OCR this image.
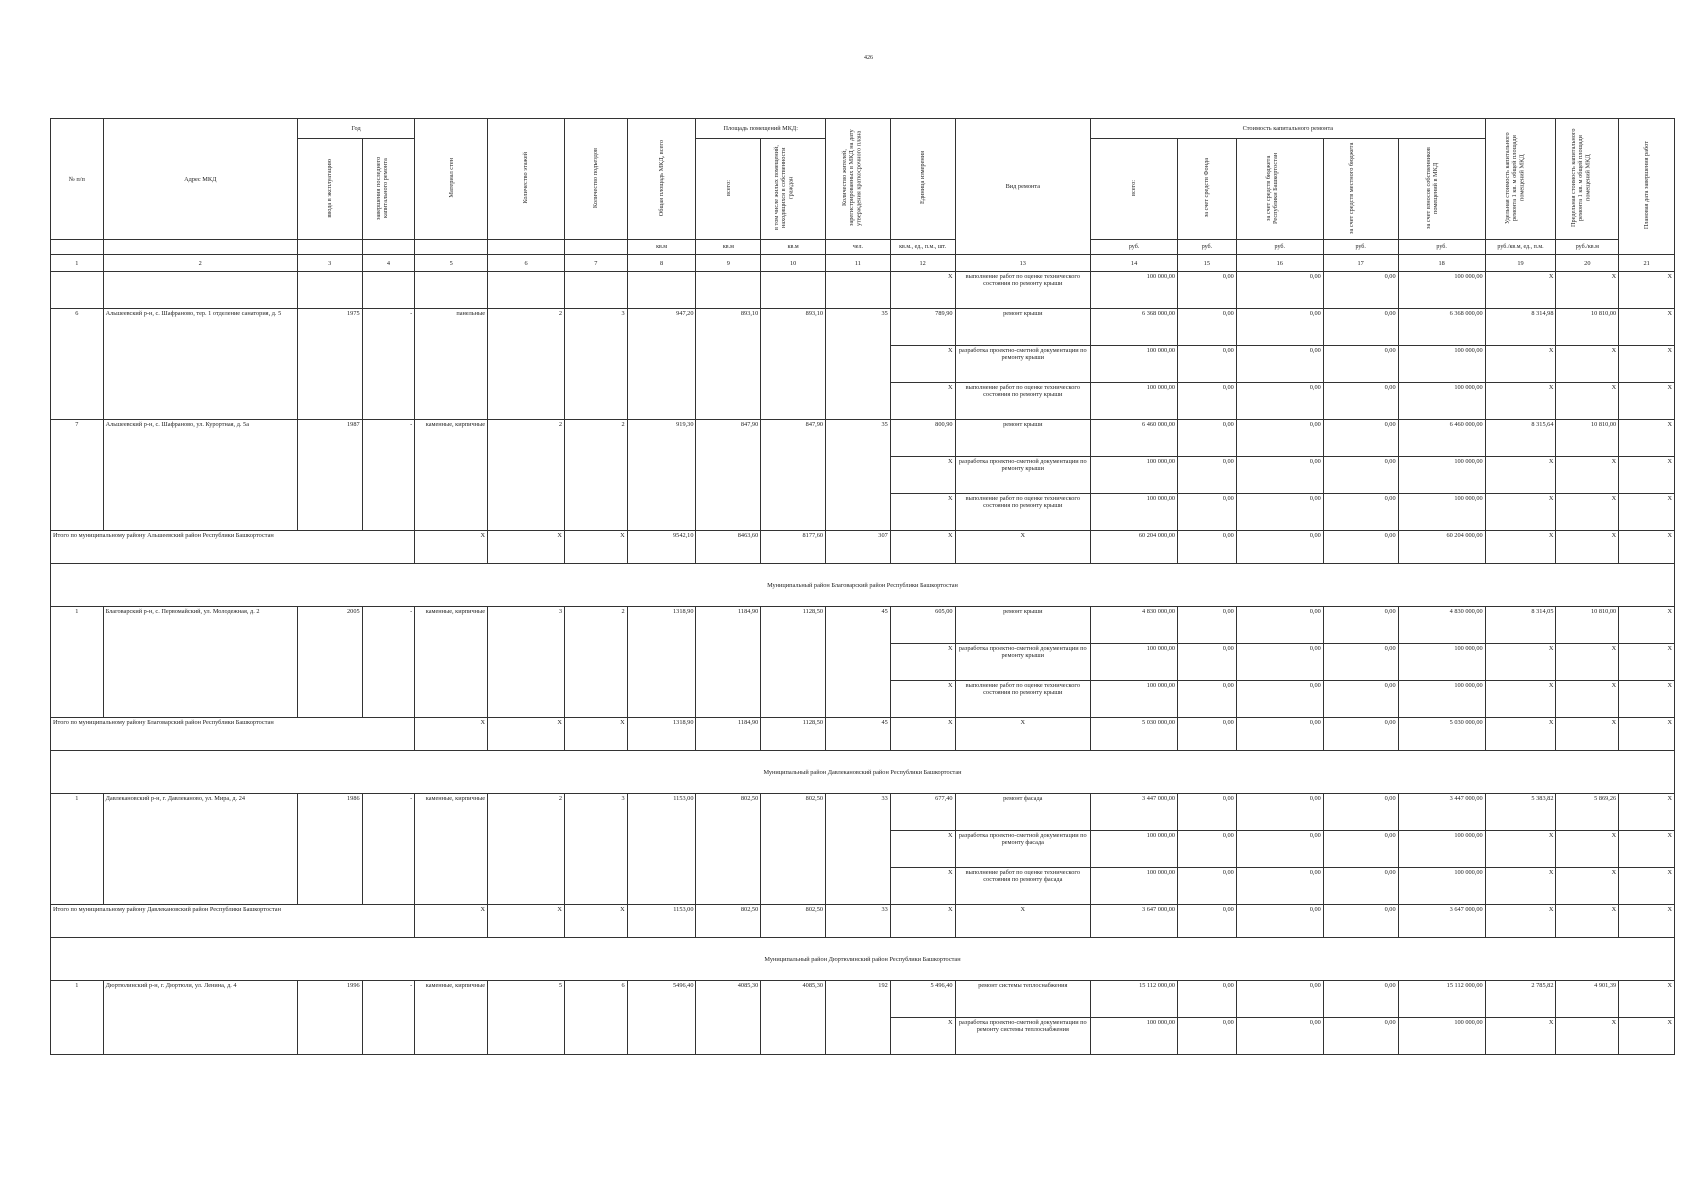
426
№ п/п	Адрес МКД	Год		Материал стен	Количество этажей	Количество подъездов	Общая площадь МКД, всего	Площадь помещений МКД:		Количество жителей, зарегистрированных в МКД на дату утверждения краткосрочного плана	Единица измерения	Вид ремонта	Стоимость капитального ремонта					Удельная стоимость капитального ремонта 1 кв. м общей площади помещений МКД	Предельная стоимость капитального ремонта 1 кв. м общей площади помещений МКД	Плановая дата завершения работ
		ввода в эксплуатацию	завершения последнего капитального ремонта					всего:	в том числе жилых помещений, находящихся в собственности граждан				всего:	за счет средств Фонда	за счет средств бюджета Республики Башкортостан	за счет средств местного бюджета	за счет взносов собственников помещений в МКД			
							кв.м	кв.м	кв.м	чел.	кв.м., ед., п.м., шт.		руб.	руб.	руб.	руб.	руб.	руб./кв.м, ед., п.м.	руб./кв.м	
1	2	3	4	5	6	7	8	9	10	11	12	13	14	15	16	17	18	19	20	21
											X	выполнение работ по оценке технического состояния по ремонту крыши	100 000,00	0,00	0,00	0,00	100 000,00	X	X	X
6	Альшеевский р-н, с. Шафраново, тер. 1 отделение санатория, д. 5	1975	-	панельные	2	3	947,20	893,10	893,10	35	789,90	ремонт крыши	6 368 000,00	0,00	0,00	0,00	6 368 000,00	8 314,98	10 810,00	X
											X	разработка проектно-сметной документации по ремонту крыши	100 000,00	0,00	0,00	0,00	100 000,00	X	X	X
											X	выполнение работ по оценке технического состояния по ремонту крыши	100 000,00	0,00	0,00	0,00	100 000,00	X	X	X
7	Альшеевский р-н, с. Шафраново, ул. Курортная, д. 5а	1987	-	каменные, кирпичные	2	2	919,30	847,90	847,90	35	800,90	ремонт крыши	6 460 000,00	0,00	0,00	0,00	6 460 000,00	8 315,64	10 810,00	X
											X	разработка проектно-сметной документации по ремонту крыши	100 000,00	0,00	0,00	0,00	100 000,00	X	X	X
											X	выполнение работ по оценке технического состояния по ремонту крыши	100 000,00	0,00	0,00	0,00	100 000,00	X	X	X
Итого по муниципальному району Альшеевский район Республики Башкортостан				X	X	X	9542,10	8463,60	8177,60	307	X	X	60 204 000,00	0,00	0,00	0,00	60 204 000,00	X	X	X
Муниципальный район Благоварский район Республики Башкортостан																				
1	Благоварский р-н, с. Первомайский, ул. Молодежная, д. 2	2005	-	каменные, кирпичные	3	2	1318,90	1184,90	1128,50	45	605,00	ремонт крыши	4 830 000,00	0,00	0,00	0,00	4 830 000,00	8 314,05	10 810,00	X
											X	разработка проектно-сметной документации по ремонту крыши	100 000,00	0,00	0,00	0,00	100 000,00	X	X	X
											X	выполнение работ по оценке технического состояния по ремонту крыши	100 000,00	0,00	0,00	0,00	100 000,00	X	X	X
Итого по муниципальному району Благоварский район Республики Башкортостан				X	X	X	1318,90	1184,90	1128,50	45	X	X	5 030 000,00	0,00	0,00	0,00	5 030 000,00	X	X	X
Муниципальный район Давлекановский район Республики Башкортостан																				
1	Давлекановский р-н, г. Давлеканово, ул. Мира, д. 24	1986	-	каменные, кирпичные	2	3	1153,00	802,50	802,50	33	677,40	ремонт фасада	3 447 000,00	0,00	0,00	0,00	3 447 000,00	5 383,82	5 869,26	X
											X	разработка проектно-сметной документации по ремонту фасада	100 000,00	0,00	0,00	0,00	100 000,00	X	X	X
											X	выполнение работ по оценке технического состояния по ремонту фасада	100 000,00	0,00	0,00	0,00	100 000,00	X	X	X
Итого по муниципальному району Давлекановский район Республики Башкортостан				X	X	X	1153,00	802,50	802,50	33	X	X	3 647 000,00	0,00	0,00	0,00	3 647 000,00	X	X	X
Муниципальный район Дюртюлинский район Республики Башкортостан																				
1	Дюртюлинский р-н, г. Дюртюли, ул. Ленина, д. 4	1996	-	каменные, кирпичные	5	6	5496,40	4085,30	4085,30	192	5 496,40	ремонт системы теплоснабжения	15 112 000,00	0,00	0,00	0,00	15 112 000,00	2 785,82	4 901,39	X
											X	разработка проектно-сметной документации по ремонту системы теплоснабжения	100 000,00	0,00	0,00	0,00	100 000,00	X	X	X
